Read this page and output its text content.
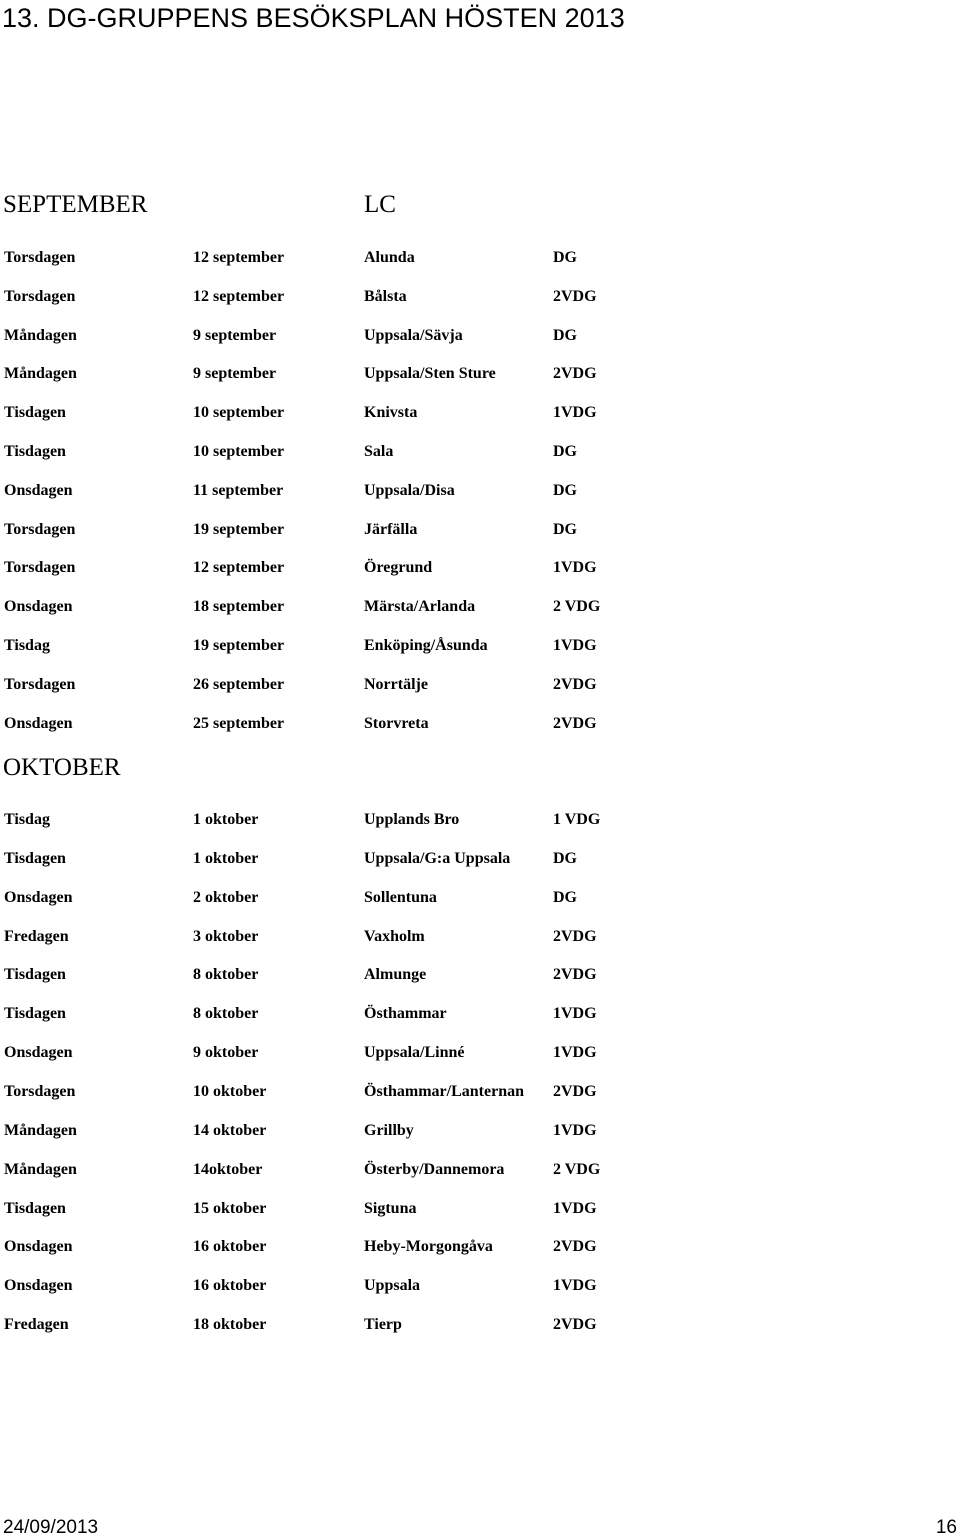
13. DG-GRUPPENS BESÖKSPLAN HÖSTEN 2013
SEPTEMBER	LC
OKTOBER
24/09/2013	16
Torsdagen	12 september	Alunda	DG
Torsdagen	12 september	Bålsta	2VDG
Måndagen	9 september	Uppsala/Sävja	DG
Måndagen	9 september	Uppsala/Sten Sture	2VDG
Tisdagen	10 september	Knivsta	1VDG
Tisdagen	10 september	Sala	DG
Onsdagen	11 september	Uppsala/Disa	DG
Torsdagen	19 september	Järfälla	DG
Torsdagen	12 september	Öregrund	1VDG
Onsdagen	18 september	Märsta/Arlanda	2 VDG
Tisdag	19 september	Enköping/Åsunda	1VDG
Torsdagen	26 september	Norrtälje	2VDG
Onsdagen	25 september	Storvreta	2VDG
Tisdag	1 oktober	Upplands Bro	1 VDG
Tisdagen	1 oktober	Uppsala/G:a Uppsala	DG
Onsdagen	2 oktober	Sollentuna	DG
Fredagen	3 oktober	Vaxholm	2VDG
Tisdagen	8 oktober	Almunge	2VDG
Tisdagen	8 oktober	Östhammar	1VDG
Onsdagen	9 oktober	Uppsala/Linné	1VDG
Torsdagen	10 oktober	Östhammar/Lanternan 2VDG
Måndagen	14 oktober	Grillby	1VDG
Måndagen	14oktober	Österby/Dannemora	2 VDG
Tisdagen	15 oktober	Sigtuna	1VDG
Onsdagen	16 oktober	Heby-Morgongåva	2VDG
Onsdagen	16 oktober	Uppsala	1VDG
Fredagen	18 oktober	Tierp	2VDG
